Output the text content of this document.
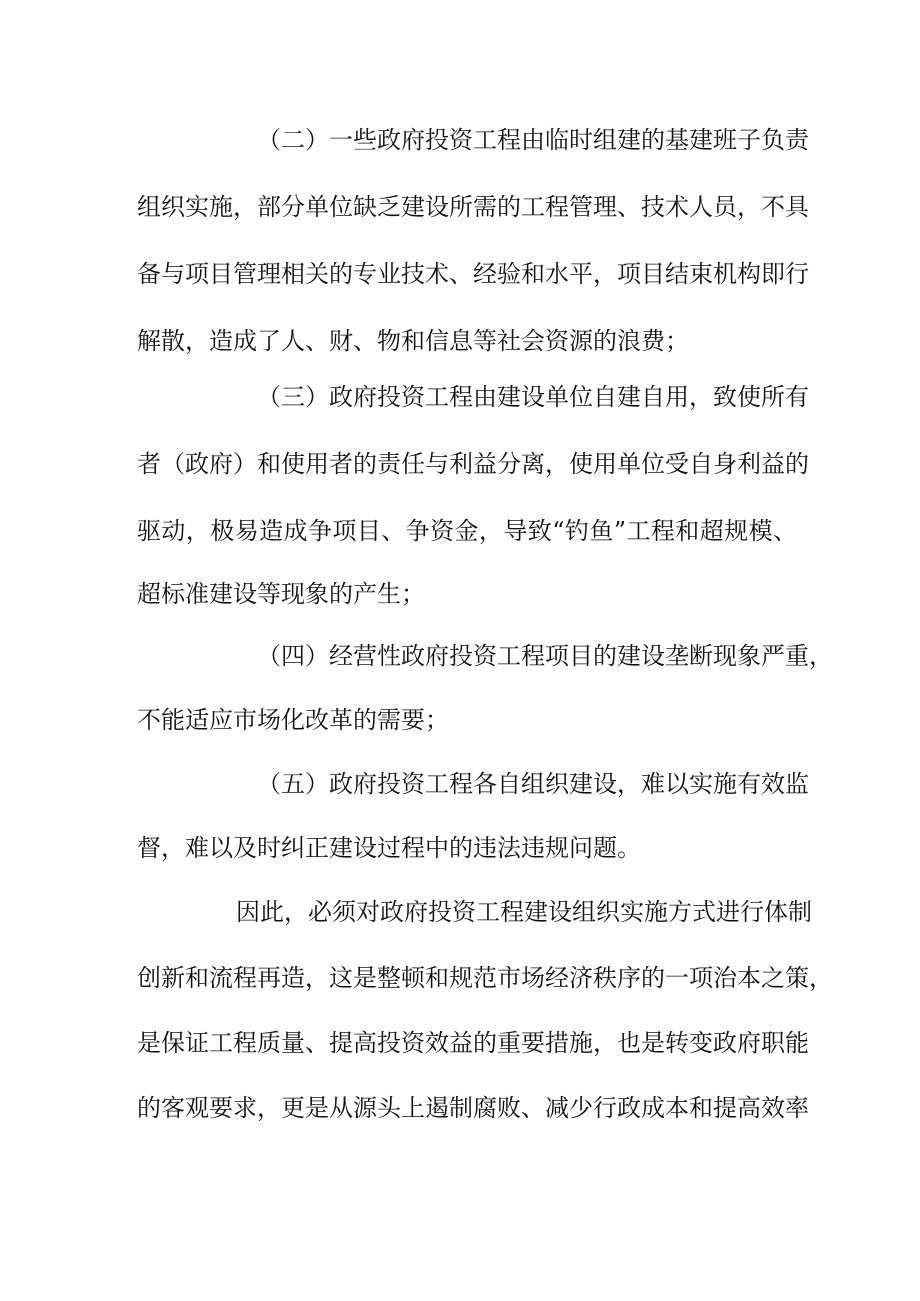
（二）一些政府投资工程由临时组建的基建班子负责
组织实施，部分单位缺乏建设所需的工程管理、技术人员，不具
备与项目管理相关的专业技术、经验和水平，项目结束机构即行
解散，造成了人、财、物和信息等社会资源的浪费；
（三）政府投资工程由建设单位自建自用，致使所有
者（政府）和使用者的责任与利益分离，使用单位受自身利益的
驱动，极易造成争项目、争资金，导致“钓鱼”工程和超规模、
超标准建设等现象的产生；
（四）经营性政府投资工程项目的建设垄断现象严重，
不能适应市场化改革的需要；
（五）政府投资工程各自组织建设，难以实施有效监
督，难以及时纠正建设过程中的违法违规问题。
因此，必须对政府投资工程建设组织实施方式进行体制
创新和流程再造，这是整顿和规范市场经济秩序的一项治本之策，
是保证工程质量、提高投资效益的重要措施，也是转变政府职能
的客观要求，更是从源头上遏制腐败、减少行政成本和提高效率
